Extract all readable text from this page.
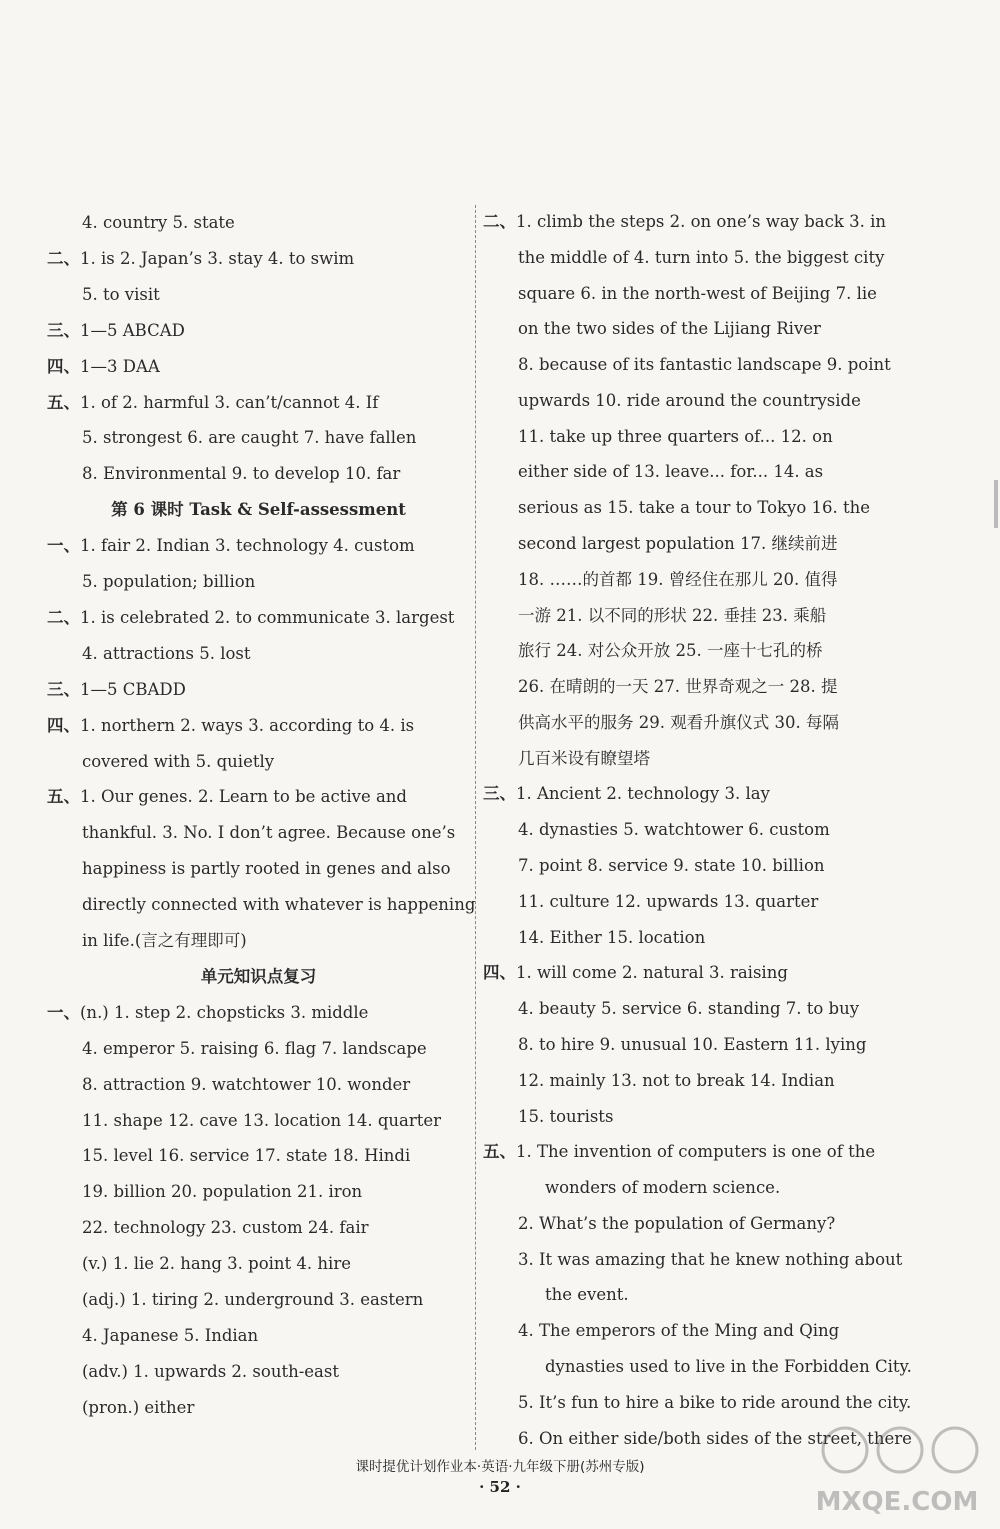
4. country 5. state
二、1. is 2. Japan’s 3. stay 4. to swim
5. to visit
三、1—5 ABCAD
四、1—3 DAA
五、1. of 2. harmful 3. can’t/cannot 4. If
5. strongest 6. are caught 7. have fallen
8. Environmental 9. to develop 10. far
第 6 课时 Task & Self-assessment
一、1. fair 2. Indian 3. technology 4. custom
5. population; billion
二、1. is celebrated 2. to communicate 3. largest
4. attractions 5. lost
三、1—5 CBADD
四、1. northern 2. ways 3. according to 4. is
covered with 5. quietly
五、1. Our genes. 2. Learn to be active and
thankful. 3. No. I don’t agree. Because one’s
happiness is partly rooted in genes and also
directly connected with whatever is happening
in life.(言之有理即可)
单元知识点复习
一、(n.) 1. step 2. chopsticks 3. middle
4. emperor 5. raising 6. flag 7. landscape
8. attraction 9. watchtower 10. wonder
11. shape 12. cave 13. location 14. quarter
15. level 16. service 17. state 18. Hindi
19. billion 20. population 21. iron
22. technology 23. custom 24. fair
(v.) 1. lie 2. hang 3. point 4. hire
(adj.) 1. tiring 2. underground 3. eastern
4. Japanese 5. Indian
(adv.) 1. upwards 2. south-east
(pron.) either
二、1. climb the steps 2. on one’s way back 3. in
the middle of 4. turn into 5. the biggest city
square 6. in the north-west of Beijing 7. lie
on the two sides of the Lijiang River
8. because of its fantastic landscape 9. point
upwards 10. ride around the countryside
11. take up three quarters of... 12. on
either side of 13. leave... for... 14. as
serious as 15. take a tour to Tokyo 16. the
second largest population 17. 继续前进
18. ……的首都 19. 曾经住在那儿 20. 值得
一游 21. 以不同的形状 22. 垂挂 23. 乘船
旅行 24. 对公众开放 25. 一座十七孔的桥
26. 在晴朗的一天 27. 世界奇观之一 28. 提
供高水平的服务 29. 观看升旗仪式 30. 每隔
几百米设有瞭望塔
三、1. Ancient 2. technology 3. lay
4. dynasties 5. watchtower 6. custom
7. point 8. service 9. state 10. billion
11. culture 12. upwards 13. quarter
14. Either 15. location
四、1. will come 2. natural 3. raising
4. beauty 5. service 6. standing 7. to buy
8. to hire 9. unusual 10. Eastern 11. lying
12. mainly 13. not to break 14. Indian
15. tourists
五、1. The invention of computers is one of the
wonders of modern science.
2. What’s the population of Germany?
3. It was amazing that he knew nothing about
the event.
4. The emperors of the Ming and Qing
dynasties used to live in the Forbidden City.
5. It’s fun to hire a bike to ride around the city.
6. On either side/both sides of the street, there
课时提优计划作业本·英语·九年级下册(苏州专版)
· 52 ·	MXQE.COM
